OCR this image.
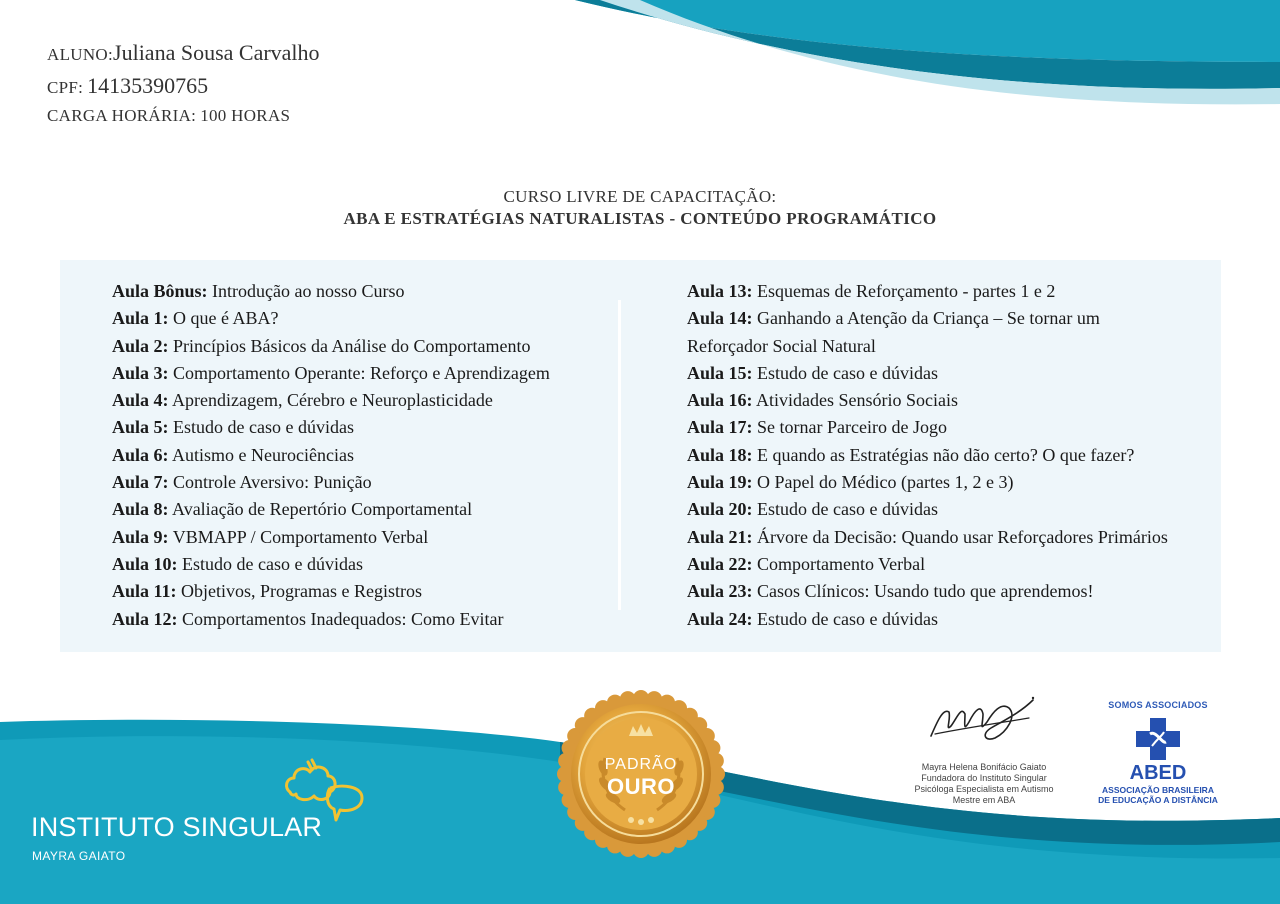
ALUNO:Juliana Sousa Carvalho
CPF: 14135390765
CARGA HORÁRIA: 100 HORAS
CURSO LIVRE DE CAPACITAÇÃO:
ABA E ESTRATÉGIAS NATURALISTAS - CONTEÚDO PROGRAMÁTICO
Aula Bônus: Introdução ao nosso Curso
Aula 1: O que é ABA?
Aula 2: Princípios Básicos da Análise do Comportamento
Aula 3: Comportamento Operante: Reforço e Aprendizagem
Aula 4: Aprendizagem, Cérebro e Neuroplasticidade
Aula 5: Estudo de caso e dúvidas
Aula 6: Autismo e Neurociências
Aula 7: Controle Aversivo: Punição
Aula 8: Avaliação de Repertório Comportamental
Aula 9: VBMAPP / Comportamento Verbal
Aula 10: Estudo de caso e dúvidas
Aula 11: Objetivos, Programas e Registros
Aula 12: Comportamentos Inadequados: Como Evitar
Aula 13: Esquemas de Reforçamento - partes 1 e 2
Aula 14: Ganhando a Atenção da Criança – Se tornar um
Reforçador Social Natural
Aula 15: Estudo de caso e dúvidas
Aula 16: Atividades Sensório Sociais
Aula 17: Se tornar Parceiro de Jogo
Aula 18: E quando as Estratégias não dão certo? O que fazer?
Aula 19: O Papel do Médico (partes 1, 2 e 3)
Aula 20: Estudo de caso e dúvidas
Aula 21: Árvore da Decisão: Quando usar Reforçadores Primários
Aula 22: Comportamento Verbal
Aula 23: Casos Clínicos: Usando tudo que aprendemos!
Aula 24: Estudo de caso e dúvidas
INSTITUTO SINGULAR
MAYRA GAIATO
PADRÃO
OURO
Mayra Helena Bonifácio Gaiato
Fundadora do Instituto Singular
Psicóloga Especialista em Autismo
Mestre em ABA
SOMOS ASSOCIADOS
ABED
ASSOCIAÇÃO BRASILEIRA
DE EDUCAÇÃO A DISTÂNCIA
